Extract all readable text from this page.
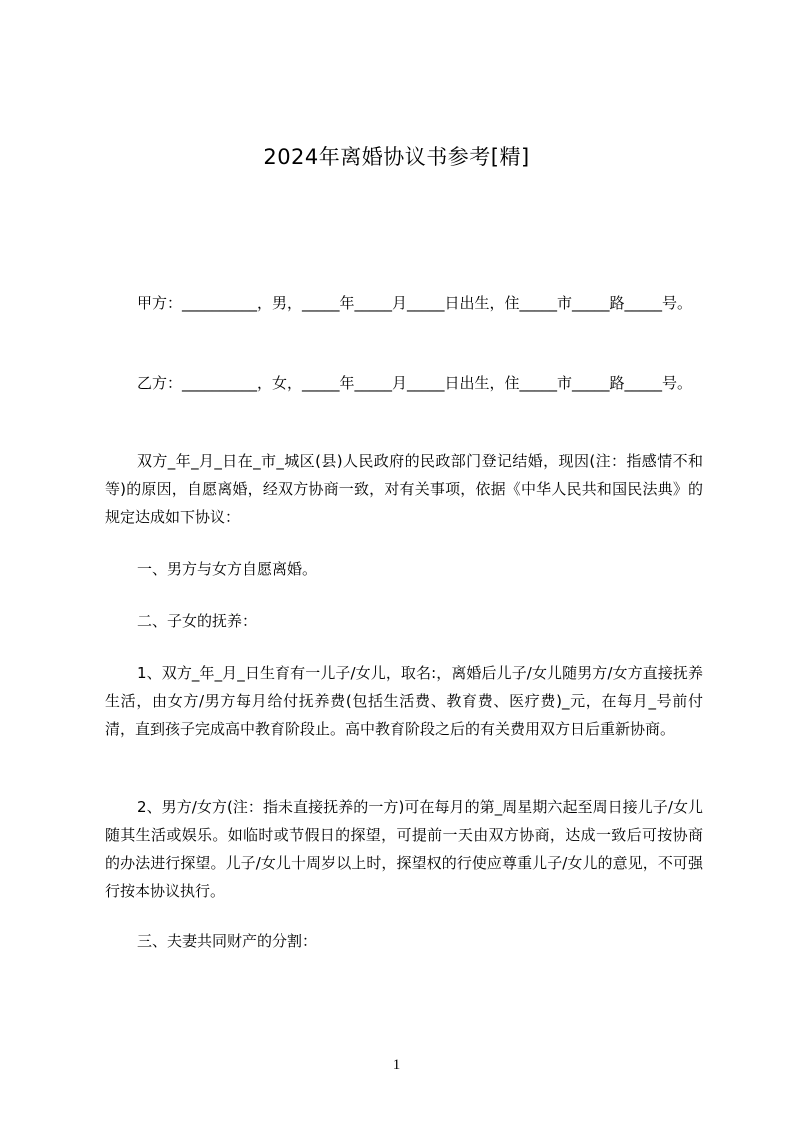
2024年离婚协议书参考[精]
甲方：__________，男，_____年_____月_____日出生，住_____市_____路_____号。
乙方：__________，女，_____年_____月_____日出生，住_____市_____路_____号。
双方_年_月_日在_市_城区(县)人民政府的民政部门登记结婚，现因(注：指感情不和等)的原因，自愿离婚，经双方协商一致，对有关事项，依据《中华人民共和国民法典》的规定达成如下协议：
一、男方与女方自愿离婚。
二、子女的抚养：
1、双方_年_月_日生育有一儿子/女儿，取名:，离婚后儿子/女儿随男方/女方直接抚养生活，由女方/男方每月给付抚养费(包括生活费、教育费、医疗费)_元，在每月_号前付清，直到孩子完成高中教育阶段止。高中教育阶段之后的有关费用双方日后重新协商。
2、男方/女方(注：指未直接抚养的一方)可在每月的第_周星期六起至周日接儿子/女儿随其生活或娱乐。如临时或节假日的探望，可提前一天由双方协商，达成一致后可按协商的办法进行探望。儿子/女儿十周岁以上时，探望权的行使应尊重儿子/女儿的意见，不可强行按本协议执行。
三、夫妻共同财产的分割：
1
